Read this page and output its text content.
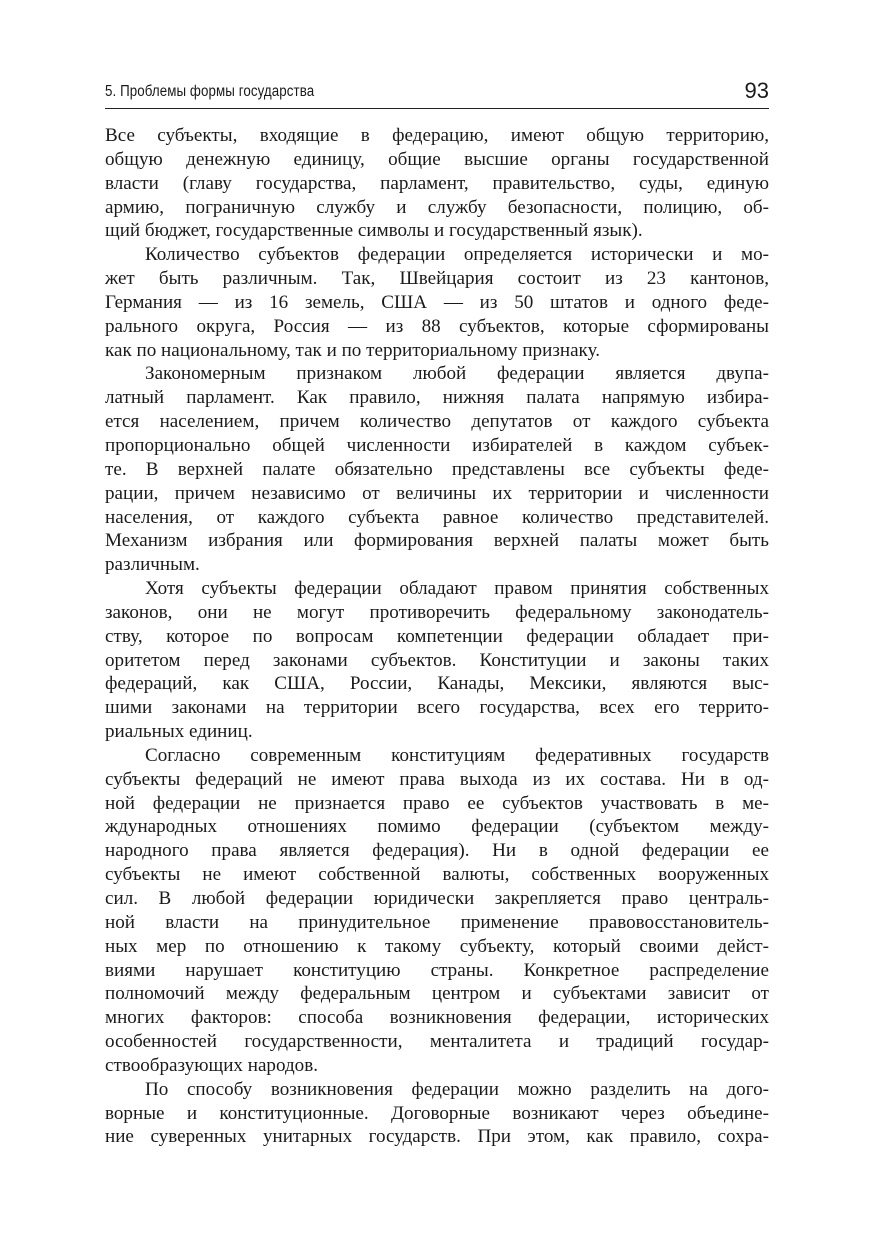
5. Проблемы формы государства	93
Все субъекты, входящие в федерацию, имеют общую территорию,
общую денежную единицу, общие высшие органы государственной
власти (главу государства, парламент, правительство, суды, единую
армию, пограничную службу и службу безопасности, полицию, об-
щий бюджет, государственные символы и государственный язык).
Количество субъектов федерации определяется исторически и мо-
жет быть различным. Так, Швейцария состоит из 23 кантонов,
Германия — из 16 земель, США — из 50 штатов и одного феде-
рального округа, Россия — из 88 субъектов, которые сформированы
как по национальному, так и по территориальному признаку.
Закономерным признаком любой федерации является двупа-
латный парламент. Как правило, нижняя палата напрямую избира-
ется населением, причем количество депутатов от каждого субъекта
пропорционально общей численности избирателей в каждом субъек-
те. В верхней палате обязательно представлены все субъекты феде-
рации, причем независимо от величины их территории и численности
населения, от каждого субъекта равное количество представителей.
Механизм избрания или формирования верхней палаты может быть
различным.
Хотя субъекты федерации обладают правом принятия собственных
законов, они не могут противоречить федеральному законодатель-
ству, которое по вопросам компетенции федерации обладает при-
оритетом перед законами субъектов. Конституции и законы таких
федераций, как США, России, Канады, Мексики, являются выс-
шими законами на территории всего государства, всех его террито-
риальных единиц.
Согласно современным конституциям федеративных государств
субъекты федераций не имеют права выхода из их состава. Ни в од-
ной федерации не признается право ее субъектов участвовать в ме-
ждународных отношениях помимо федерации (субъектом между-
народного права является федерация). Ни в одной федерации ее
субъекты не имеют собственной валюты, собственных вооруженных
сил. В любой федерации юридически закрепляется право централь-
ной власти на принудительное применение правовосстановитель-
ных мер по отношению к такому субъекту, который своими дейст-
виями нарушает конституцию страны. Конкретное распределение
полномочий между федеральным центром и субъектами зависит от
многих факторов: способа возникновения федерации, исторических
особенностей государственности, менталитета и традиций государ-
ствообразующих народов.
По способу возникновения федерации можно разделить на дого-
ворные и конституционные. Договорные возникают через объедине-
ние суверенных унитарных государств. При этом, как правило, сохра-
